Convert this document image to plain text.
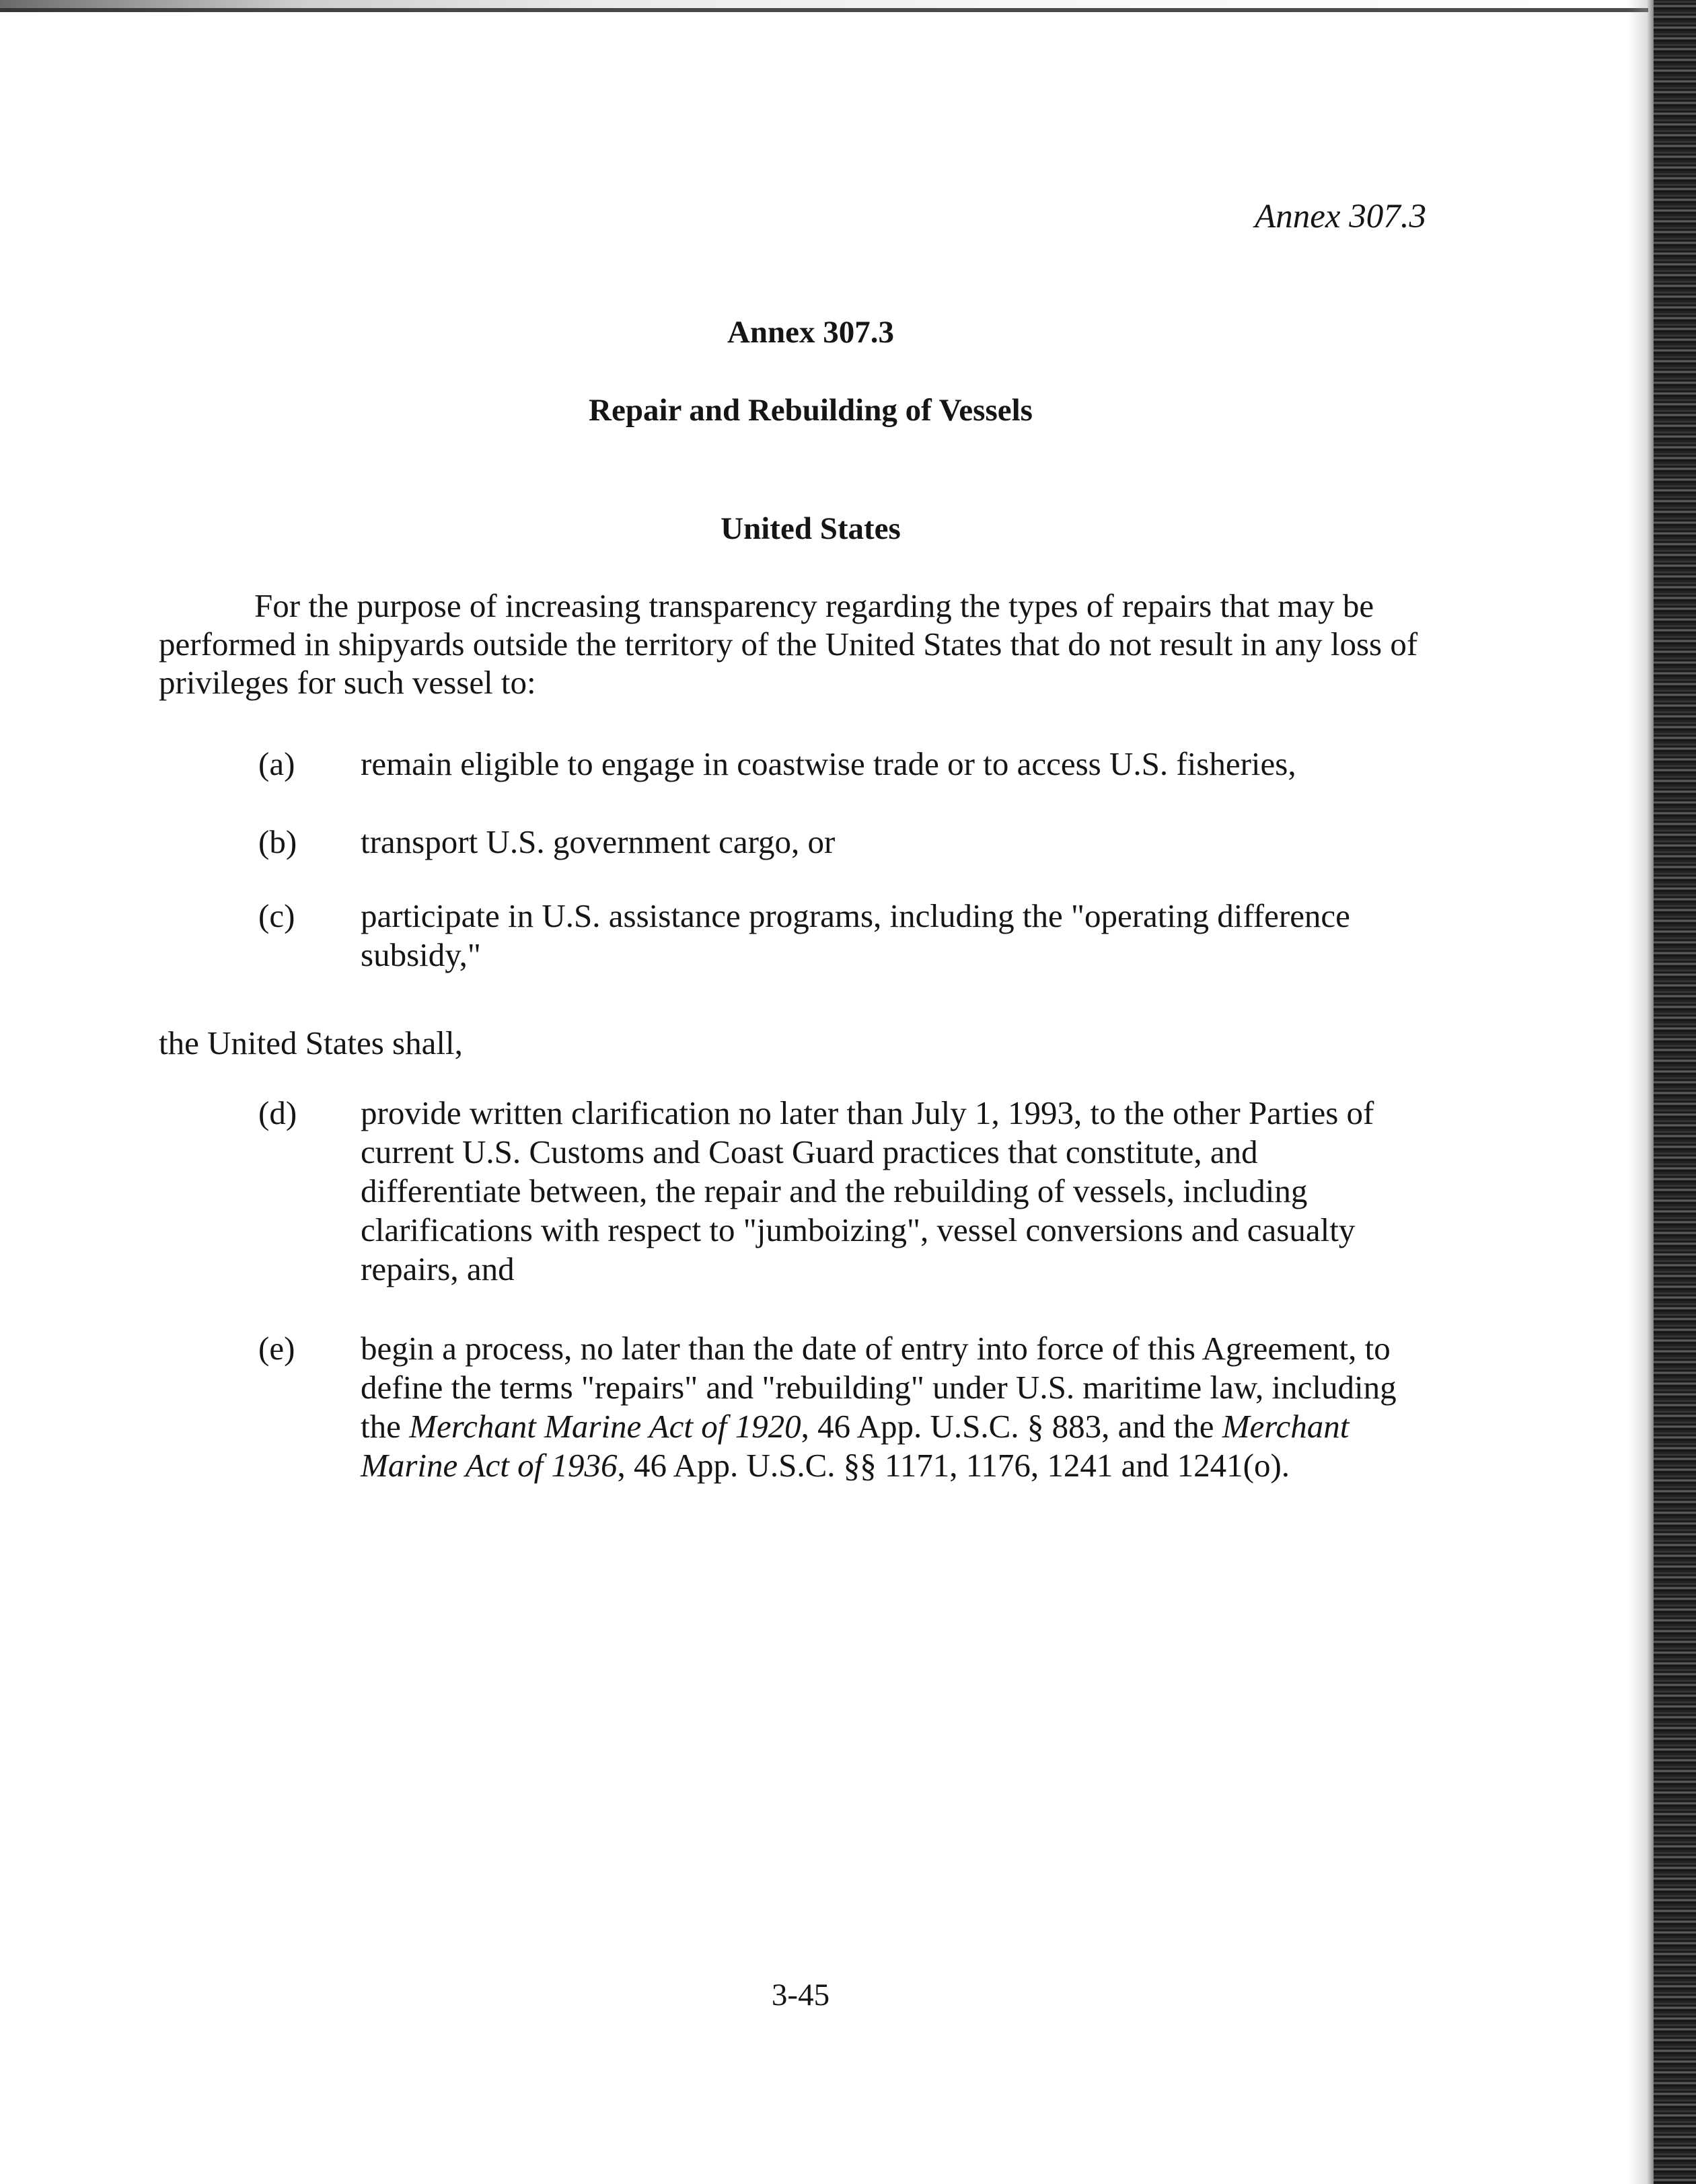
Annex 307.3
Annex 307.3
Repair and Rebuilding of Vessels
United States
For the purpose of increasing transparency regarding the types of repairs that may be performed in shipyards outside the territory of the United States that do not result in any loss of privileges for such vessel to:
(a)	remain eligible to engage in coastwise trade or to access U.S. fisheries,
(b)	transport U.S. government cargo, or
(c)	participate in U.S. assistance programs, including the "operating difference subsidy,"
the United States shall,
(d)	provide written clarification no later than July 1, 1993, to the other Parties of current U.S. Customs and Coast Guard practices that constitute, and differentiate between, the repair and the rebuilding of vessels, including clarifications with respect to "jumboizing", vessel conversions and casualty repairs, and
(e)	begin a process, no later than the date of entry into force of this Agreement, to define the terms "repairs" and "rebuilding" under U.S. maritime law, including the Merchant Marine Act of 1920, 46 App. U.S.C. § 883, and the Merchant Marine Act of 1936, 46 App. U.S.C. §§ 1171, 1176, 1241 and 1241(o).
3-45
